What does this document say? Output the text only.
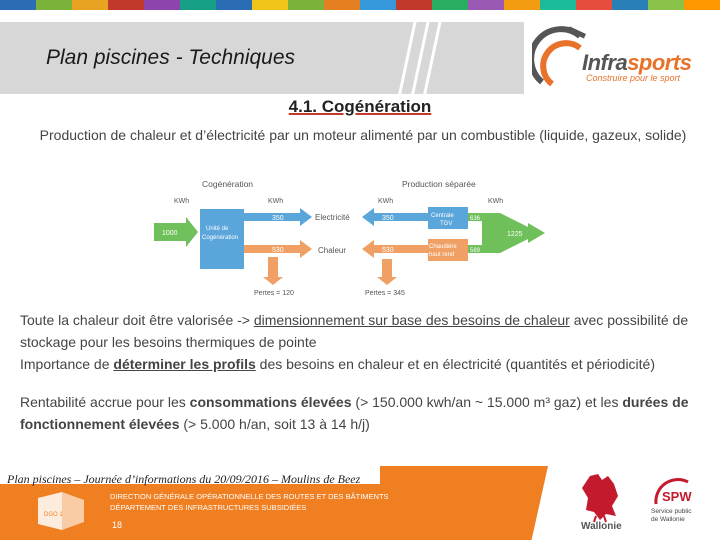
Plan piscines - Techniques	Infrasports
Construire pour le sport
4.1. Cogénération
Production de chaleur et d’électricité par un moteur alimenté par un combustible (liquide, gazeux, solide)
Cogénération	Production séparée
KWh	KWh	KWh	KWh
1000
Unité de
Cogénération
350
530
Pertes = 120
Electricité
Chaleur
350
530
Pertes = 345
Centrale
TGV
Chaudière
haut rend
636
589
1225

Toute la chaleur doit être valorisée -> dimensionnement sur base des besoins de chaleur avec possibilité de stockage pour les besoins thermiques de pointe

Importance de déterminer les profils des besoins en chaleur et en électricité (quantités et périodicité)

Rentabilité accrue pour les consommations élevées (> 150.000 kwh/an ~ 15.000 m³ gaz) et les durées de fonctionnement élevées (> 5.000 h/an, soit 13 à 14 h/j)

Plan piscines – Journée d’informations du 20/09/2016 – Moulins de Beez
DGO 1
DIRECTION GÉNÉRALE OPÉRATIONNELLE DES ROUTES ET DES BÂTIMENTS
DÉPARTEMENT DES INFRASTRUCTURES SUBSIDIÉES
18	Wallonie
SPW
Service public
de Wallonie
